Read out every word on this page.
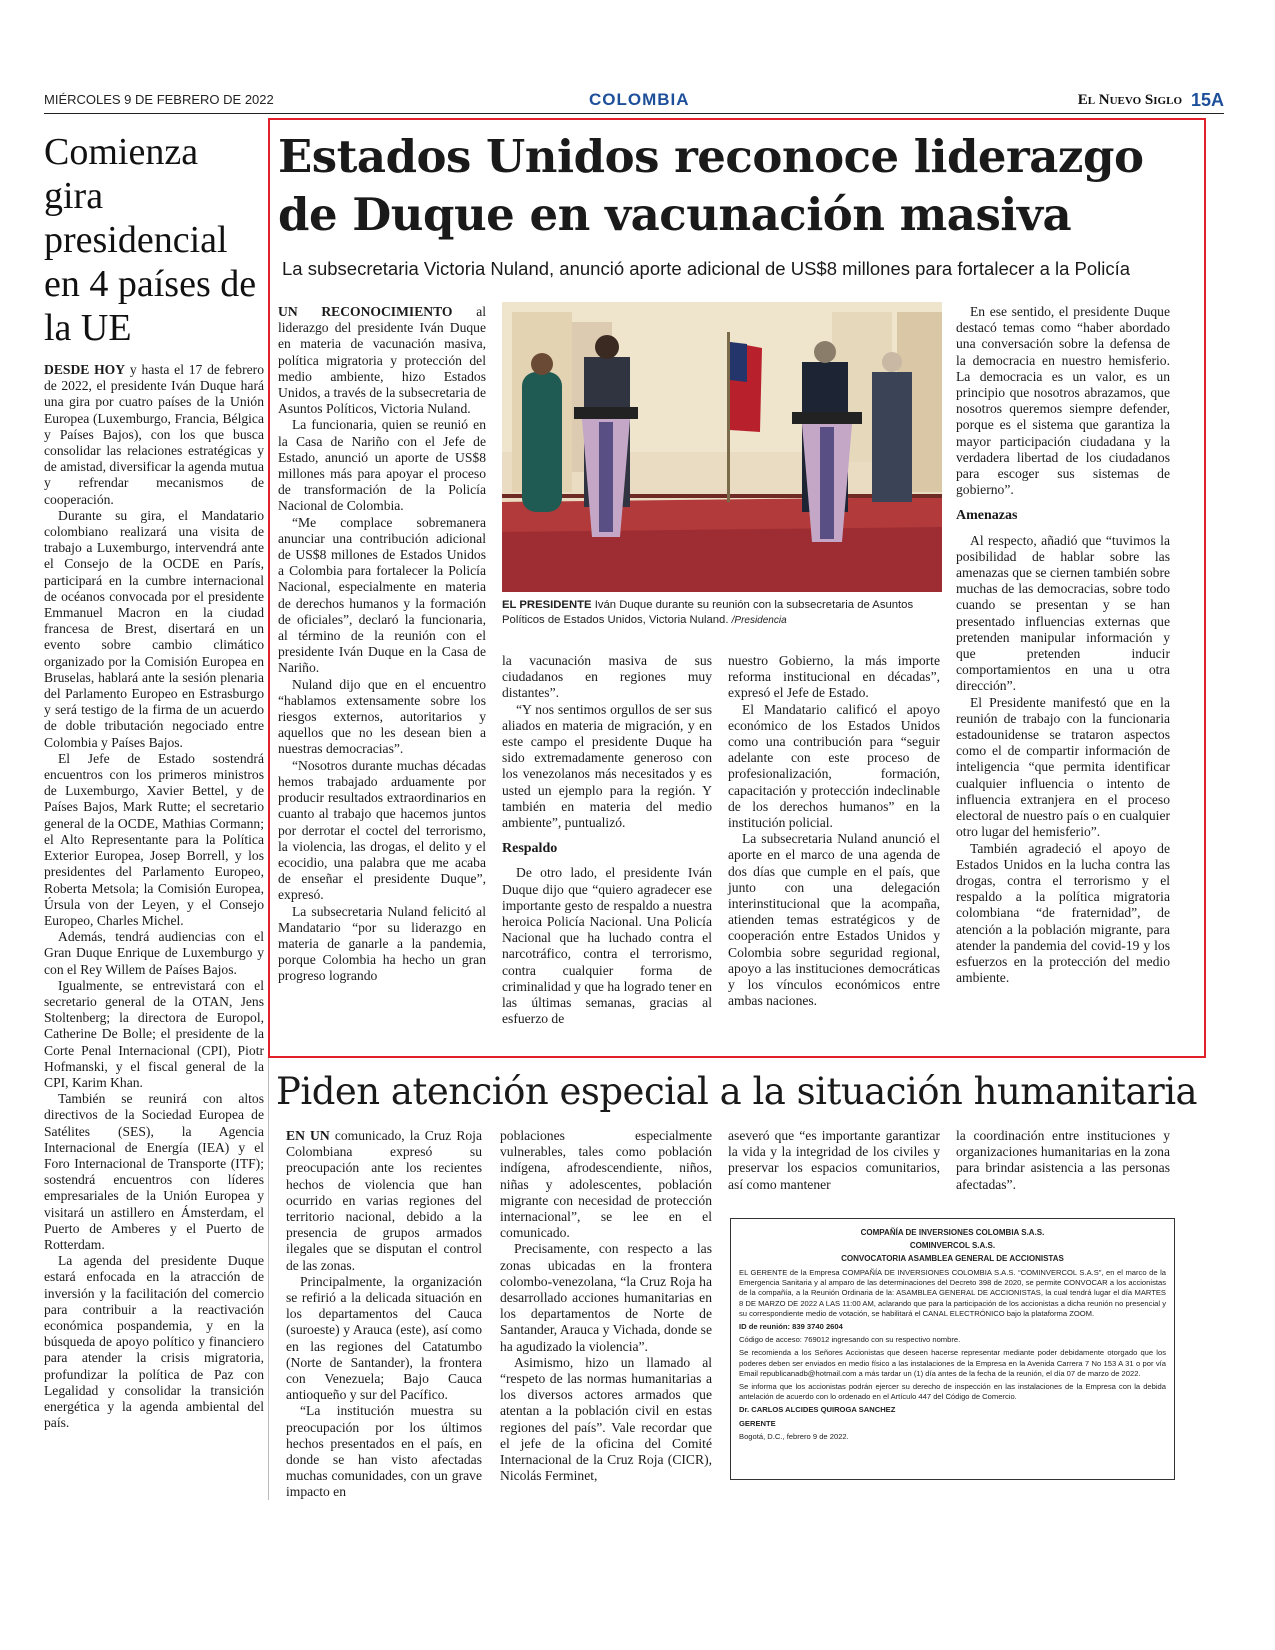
MIÉRCOLES 9 DE FEBRERO DE 2022	COLOMBIA	El Nuevo Siglo 15A
Comienza gira presidencial en 4 países de la UE

DESDE HOY y hasta el 17 de febrero de 2022, el presidente Iván Duque hará una gira por cuatro países de la Unión Europea (Luxemburgo, Francia, Bélgica y Países Bajos), con los que busca consolidar las relaciones estratégicas y de amistad, diversificar la agenda mutua y refrendar mecanismos de cooperación.

Durante su gira, el Mandatario colombiano realizará una visita de trabajo a Luxemburgo, intervendrá ante el Consejo de la OCDE en París, participará en la cumbre internacional de océanos convocada por el presidente Emmanuel Macron en la ciudad francesa de Brest, disertará en un evento sobre cambio climático organizado por la Comisión Europea en Bruselas, hablará ante la sesión plenaria del Parlamento Europeo en Estrasburgo y será testigo de la firma de un acuerdo de doble tributación negociado entre Colombia y Países Bajos.

El Jefe de Estado sostendrá encuentros con los primeros ministros de Luxemburgo, Xavier Bettel, y de Países Bajos, Mark Rutte; el secretario general de la OCDE, Mathias Cormann; el Alto Representante para la Política Exterior Europea, Josep Borrell, y los presidentes del Parlamento Europeo, Roberta Metsola; la Comisión Europea, Úrsula von der Leyen, y el Consejo Europeo, Charles Michel.

Además, tendrá audiencias con el Gran Duque Enrique de Luxemburgo y con el Rey Willem de Países Bajos.

Igualmente, se entrevistará con el secretario general de la OTAN, Jens Stoltenberg; la directora de Europol, Catherine De Bolle; el presidente de la Corte Penal Internacional (CPI), Piotr Hofmanski, y el fiscal general de la CPI, Karim Khan.

También se reunirá con altos directivos de la Sociedad Europea de Satélites (SES), la Agencia Internacional de Energía (IEA) y el Foro Internacional de Transporte (ITF); sostendrá encuentros con líderes empresariales de la Unión Europea y visitará un astillero en Ámsterdam, el Puerto de Amberes y el Puerto de Rotterdam.

La agenda del presidente Duque estará enfocada en la atracción de inversión y la facilitación del comercio para contribuir a la reactivación económica pospandemia, y en la búsqueda de apoyo político y financiero para atender la crisis migratoria, profundizar la política de Paz con Legalidad y consolidar la transición energética y la agenda ambiental del país.

Estados Unidos reconoce liderazgo de Duque en vacunación masiva
La subsecretaria Victoria Nuland, anunció aporte adicional de US$8 millones para fortalecer a la Policía

UN RECONOCIMIENTO al liderazgo del presidente Iván Duque en materia de vacunación masiva, política migratoria y protección del medio ambiente, hizo Estados Unidos, a través de la subsecretaria de Asuntos Políticos, Victoria Nuland.

La funcionaria, quien se reunió en la Casa de Nariño con el Jefe de Estado, anunció un aporte de US$8 millones más para apoyar el proceso de transformación de la Policía Nacional de Colombia.

“Me complace sobremanera anunciar una contribución adicional de US$8 millones de Estados Unidos a Colombia para fortalecer la Policía Nacional, especialmente en materia de derechos humanos y la formación de oficiales”, declaró la funcionaria, al término de la reunión con el presidente Iván Duque en la Casa de Nariño.

Nuland dijo que en el encuentro “hablamos extensamente sobre los riesgos externos, autoritarios y aquellos que no les desean bien a nuestras democracias”.

“Nosotros durante muchas décadas hemos trabajado arduamente por producir resultados extraordinarios en cuanto al trabajo que hacemos juntos por derrotar el coctel del terrorismo, la violencia, las drogas, el delito y el ecocidio, una palabra que me acaba de enseñar el presidente Duque”, expresó.

La subsecretaria Nuland felicitó al Mandatario “por su liderazgo en materia de ganarle a la pandemia, porque Colombia ha hecho un gran progreso logrando

EL PRESIDENTE Iván Duque durante su reunión con la subsecretaria de Asuntos Políticos de Estados Unidos, Victoria Nuland. /Presidencia

la vacunación masiva de sus ciudadanos en regiones muy distantes”.

“Y nos sentimos orgullos de ser sus aliados en materia de migración, y en este campo el presidente Duque ha sido extremadamente generoso con los venezolanos más necesitados y es usted un ejemplo para la región. Y también en materia del medio ambiente”, puntualizó.

Respaldo

De otro lado, el presidente Iván Duque dijo que “quiero agradecer ese importante gesto de respaldo a nuestra heroica Policía Nacional. Una Policía Nacional que ha luchado contra el narcotráfico, contra el terrorismo, contra cualquier forma de criminalidad y que ha logrado tener en las últimas semanas, gracias al esfuerzo de

nuestro Gobierno, la más importe reforma institucional en décadas”, expresó el Jefe de Estado.

El Mandatario calificó el apoyo económico de los Estados Unidos como una contribución para “seguir adelante con este proceso de profesionalización, formación, capacitación y protección indeclinable de los derechos humanos” en la institución policial.

La subsecretaria Nuland anunció el aporte en el marco de una agenda de dos días que cumple en el país, que junto con una delegación interinstitucional que la acompaña, atienden temas estratégicos y de cooperación entre Estados Unidos y Colombia sobre seguridad regional, apoyo a las instituciones democráticas y los vínculos económicos entre ambas naciones.

En ese sentido, el presidente Duque destacó temas como “haber abordado una conversación sobre la defensa de la democracia en nuestro hemisferio. La democracia es un valor, es un principio que nosotros abrazamos, que nosotros queremos siempre defender, porque es el sistema que garantiza la mayor participación ciudadana y la verdadera libertad de los ciudadanos para escoger sus sistemas de gobierno”.

Amenazas

Al respecto, añadió que “tuvimos la posibilidad de hablar sobre las amenazas que se ciernen también sobre muchas de las democracias, sobre todo cuando se presentan y se han presentado influencias externas que pretenden manipular información y que pretenden inducir comportamientos en una u otra dirección”.

El Presidente manifestó que en la reunión de trabajo con la funcionaria estadounidense se trataron aspectos como el de compartir información de inteligencia “que permita identificar cualquier influencia o intento de influencia extranjera en el proceso electoral de nuestro país o en cualquier otro lugar del hemisferio”.

También agradeció el apoyo de Estados Unidos en la lucha contra las drogas, contra el terrorismo y el respaldo a la política migratoria colombiana “de fraternidad”, de atención a la población migrante, para atender la pandemia del covid-19 y los esfuerzos en la protección del medio ambiente.

Piden atención especial a la situación humanitaria

EN UN comunicado, la Cruz Roja Colombiana expresó su preocupación ante los recientes hechos de violencia que han ocurrido en varias regiones del territorio nacional, debido a la presencia de grupos armados ilegales que se disputan el control de las zonas.

Principalmente, la organización se refirió a la delicada situación en los departamentos del Cauca (suroeste) y Arauca (este), así como en las regiones del Catatumbo (Norte de Santander), la frontera con Venezuela; Bajo Cauca antioqueño y sur del Pacífico.

“La institución muestra su preocupación por los últimos hechos presentados en el país, en donde se han visto afectadas muchas comunidades, con un grave impacto en

poblaciones especialmente vulnerables, tales como población indígena, afrodescendiente, niños, niñas y adolescentes, población migrante con necesidad de protección internacional”, se lee en el comunicado.

Precisamente, con respecto a las zonas ubicadas en la frontera colombo-venezolana, “la Cruz Roja ha desarrollado acciones humanitarias en los departamentos de Norte de Santander, Arauca y Vichada, donde se ha agudizado la violencia”.

Asimismo, hizo un llamado al “respeto de las normas humanitarias a los diversos actores armados que atentan a la población civil en estas regiones del país”. Vale recordar que el jefe de la oficina del Comité Internacional de la Cruz Roja (CICR), Nicolás Ferminet,

aseveró que “es importante garantizar la vida y la integridad de los civiles y preservar los espacios comunitarios, así como mantener

la coordinación entre instituciones y organizaciones humanitarias en la zona para brindar asistencia a las personas afectadas”.

COMPAÑÍA DE INVERSIONES COLOMBIA S.A.S.
COMINVERCOL S.A.S.
CONVOCATORIA ASAMBLEA GENERAL DE ACCIONISTAS

EL GERENTE de la Empresa COMPAÑÍA DE INVERSIONES COLOMBIA S.A.S. “COMINVERCOL S.A.S”, en el marco de la Emergencia Sanitaria y al amparo de las determinaciones del Decreto 398 de 2020, se permite CONVOCAR a los accionistas de la compañía, a la Reunión Ordinaria de la: ASAMBLEA GENERAL DE ACCIONISTAS, la cual tendrá lugar el día MARTES 8 DE MARZO DE 2022 A LAS 11:00 AM, aclarando que para la participación de los accionistas a dicha reunión no presencial y su correspondiente medio de votación, se habilitará el CANAL ELECTRÓNICO bajo la plataforma ZOOM.

ID de reunión: 839 3740 2604

Código de acceso: 769012 ingresando con su respectivo nombre.

Se recomienda a los Señores Accionistas que deseen hacerse representar mediante poder debidamente otorgado que los poderes deben ser enviados en medio físico a las instalaciones de la Empresa en la Avenida Carrera 7 No 153 A 31 o por vía Email republicanadb@hotmail.com a más tardar un (1) día antes de la fecha de la reunión, el día 07 de marzo de 2022.

Se informa que los accionistas podrán ejercer su derecho de inspección en las instalaciones de la Empresa con la debida antelación de acuerdo con lo ordenado en el Artículo 447 del Código de Comercio.

Dr. CARLOS ALCIDES QUIROGA SANCHEZ

GERENTE

Bogotá, D.C., febrero 9 de 2022.
